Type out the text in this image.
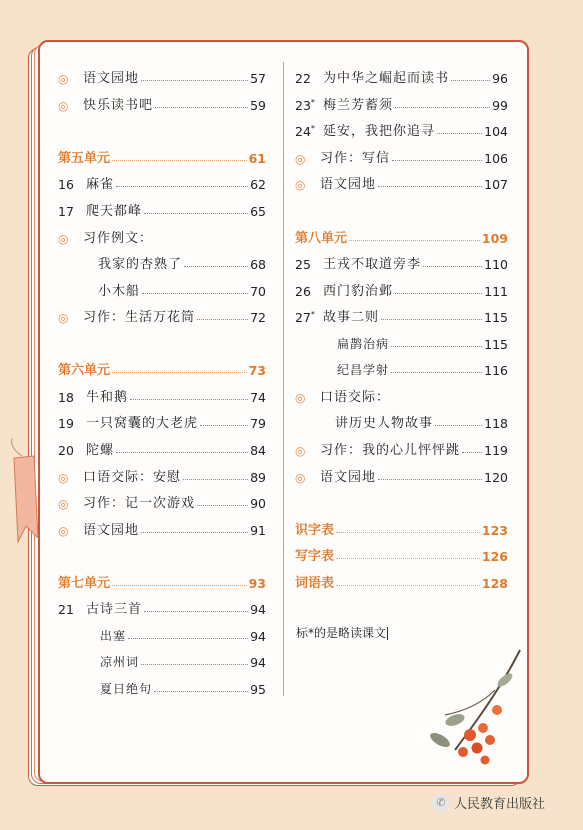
◎	语文园地	57
◎	快乐读书吧	59
第五单元	61
16 麻雀	62
17 爬天都峰	65
◎	习作例文：
我家的杏熟了	68
小木船	70
◎	习作：生活万花筒	72
第六单元	73
18 牛和鹅	74
19 一只窝囊的大老虎	79
20 陀螺	84
◎	口语交际：安慰	89
◎	习作：记一次游戏	90
◎	语文园地	91
第七单元	93
21 古诗三首	94
出塞	94
凉州词	94
夏日绝句	95
22 为中华之崛起而读书	96
23* 梅兰芳蓄须	99
24* 延安，我把你追寻	104
◎	习作：写信	106
◎	语文园地	107
第八单元	109
25 王戎不取道旁李	110
26 西门豹治邺	111
27* 故事二则	115
扁鹊治病	115
纪昌学射	116
◎	口语交际：
讲历史人物故事	118
◎	习作：我的心儿怦怦跳 119
◎	语文园地	120
识字表	123
写字表	126
词语表	128
标*的是略读课文
✆ 人民教育出版社
